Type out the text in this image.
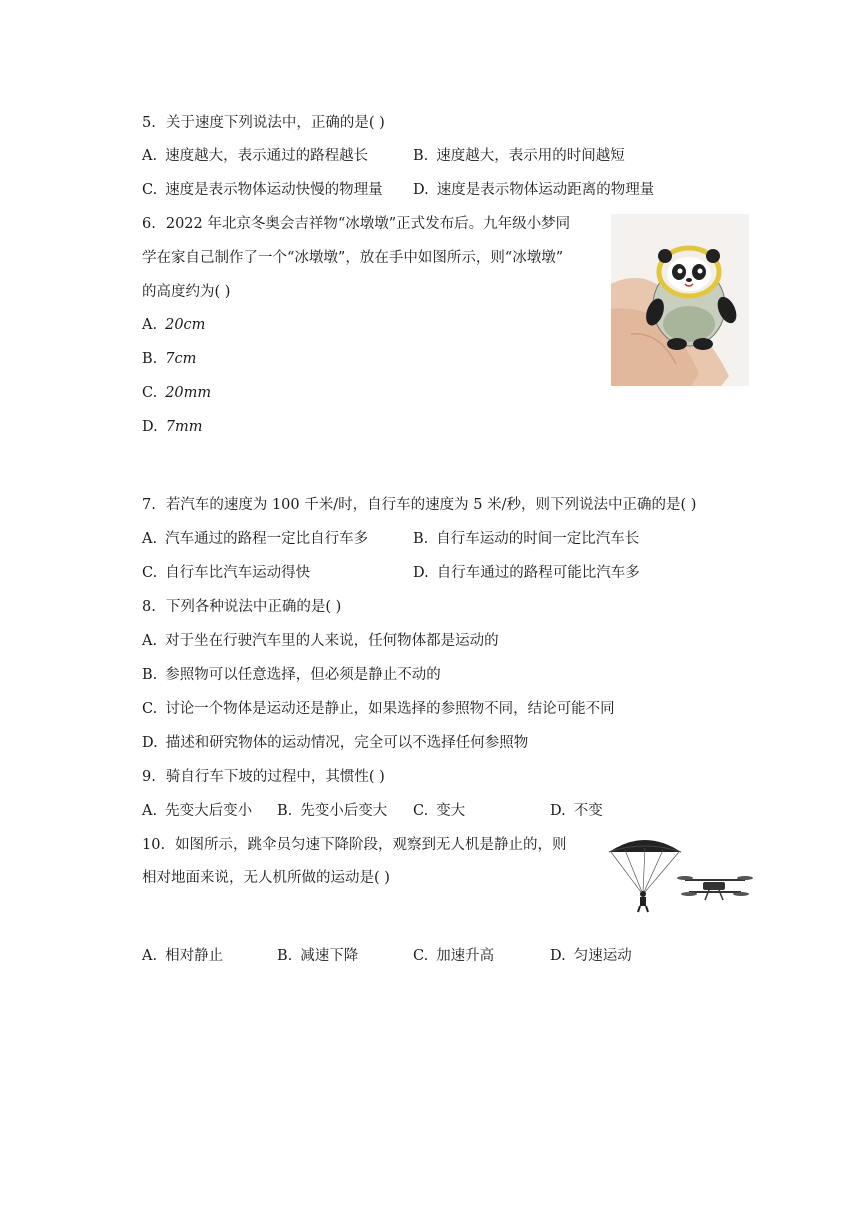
5. 关于速度下列说法中，正确的是( )
A. 速度越大，表示通过的路程越长	B. 速度越大，表示用的时间越短
C. 速度是表示物体运动快慢的物理量 D. 速度是表示物体运动距离的物理量
6. 2022 年北京冬奥会吉祥物“冰墩墩”正式发布后。九年级小梦同
学在家自己制作了一个“冰墩墩”，放在手中如图所示，则“冰墩墩”
的高度约为( )
A. 20cm
B. 7cm
C. 20mm
D. 7mm
7. 若汽车的速度为 100 千米/时，自行车的速度为 5 米/秒，则下列说法中正确的是( )
A. 汽车通过的路程一定比自行车多	B. 自行车运动的时间一定比汽车长
C. 自行车比汽车运动得快	D. 自行车通过的路程可能比汽车多
8. 下列各种说法中正确的是( )
A. 对于坐在行驶汽车里的人来说，任何物体都是运动的
B. 参照物可以任意选择，但必须是静止不动的
C. 讨论一个物体是运动还是静止，如果选择的参照物不同，结论可能不同
D. 描述和研究物体的运动情况，完全可以不选择任何参照物
9. 骑自行车下坡的过程中，其惯性( )
A. 先变大后变小 B. 先变小后变大 C. 变大	D. 不变
10. 如图所示，跳伞员匀速下降阶段，观察到无人机是静止的，则
相对地面来说，无人机所做的运动是( )
A. 相对静止	B. 减速下降	C. 加速升高	D. 匀速运动
